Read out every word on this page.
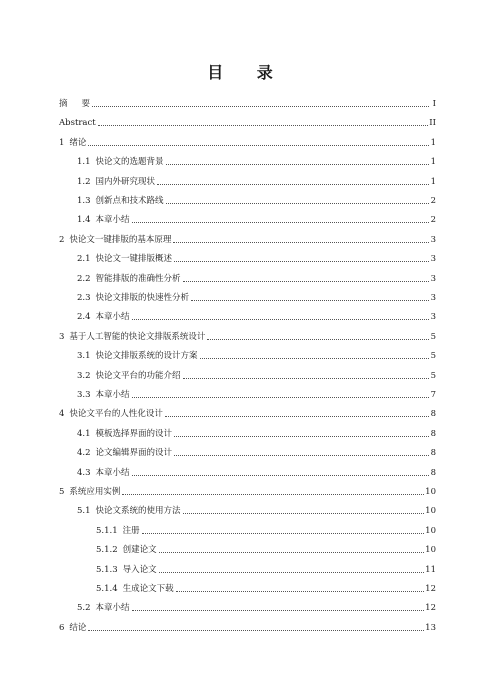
目 录
摘 要	I
Abstract	II
1 绪论	1
1.1 快论文的选题背景	1
1.2 国内外研究现状	1
1.3 创新点和技术路线	2
1.4 本章小结	2
2 快论文一键排版的基本原理	3
2.1 快论文一键排版概述	3
2.2 智能排版的准确性分析	3
2.3 快论文排版的快速性分析	3
2.4 本章小结	3
3 基于人工智能的快论文排版系统设计	5
3.1 快论文排版系统的设计方案	5
3.2 快论文平台的功能介绍	5
3.3 本章小结	7
4 快论文平台的人性化设计	8
4.1 模板选择界面的设计	8
4.2 论文编辑界面的设计	8
4.3 本章小结	8
5 系统应用实例	10
5.1 快论文系统的使用方法	10
5.1.1 注册	10
5.1.2 创建论文	10
5.1.3 导入论文	11
5.1.4 生成论文下载	12
5.2 本章小结	12
6 结论	13
